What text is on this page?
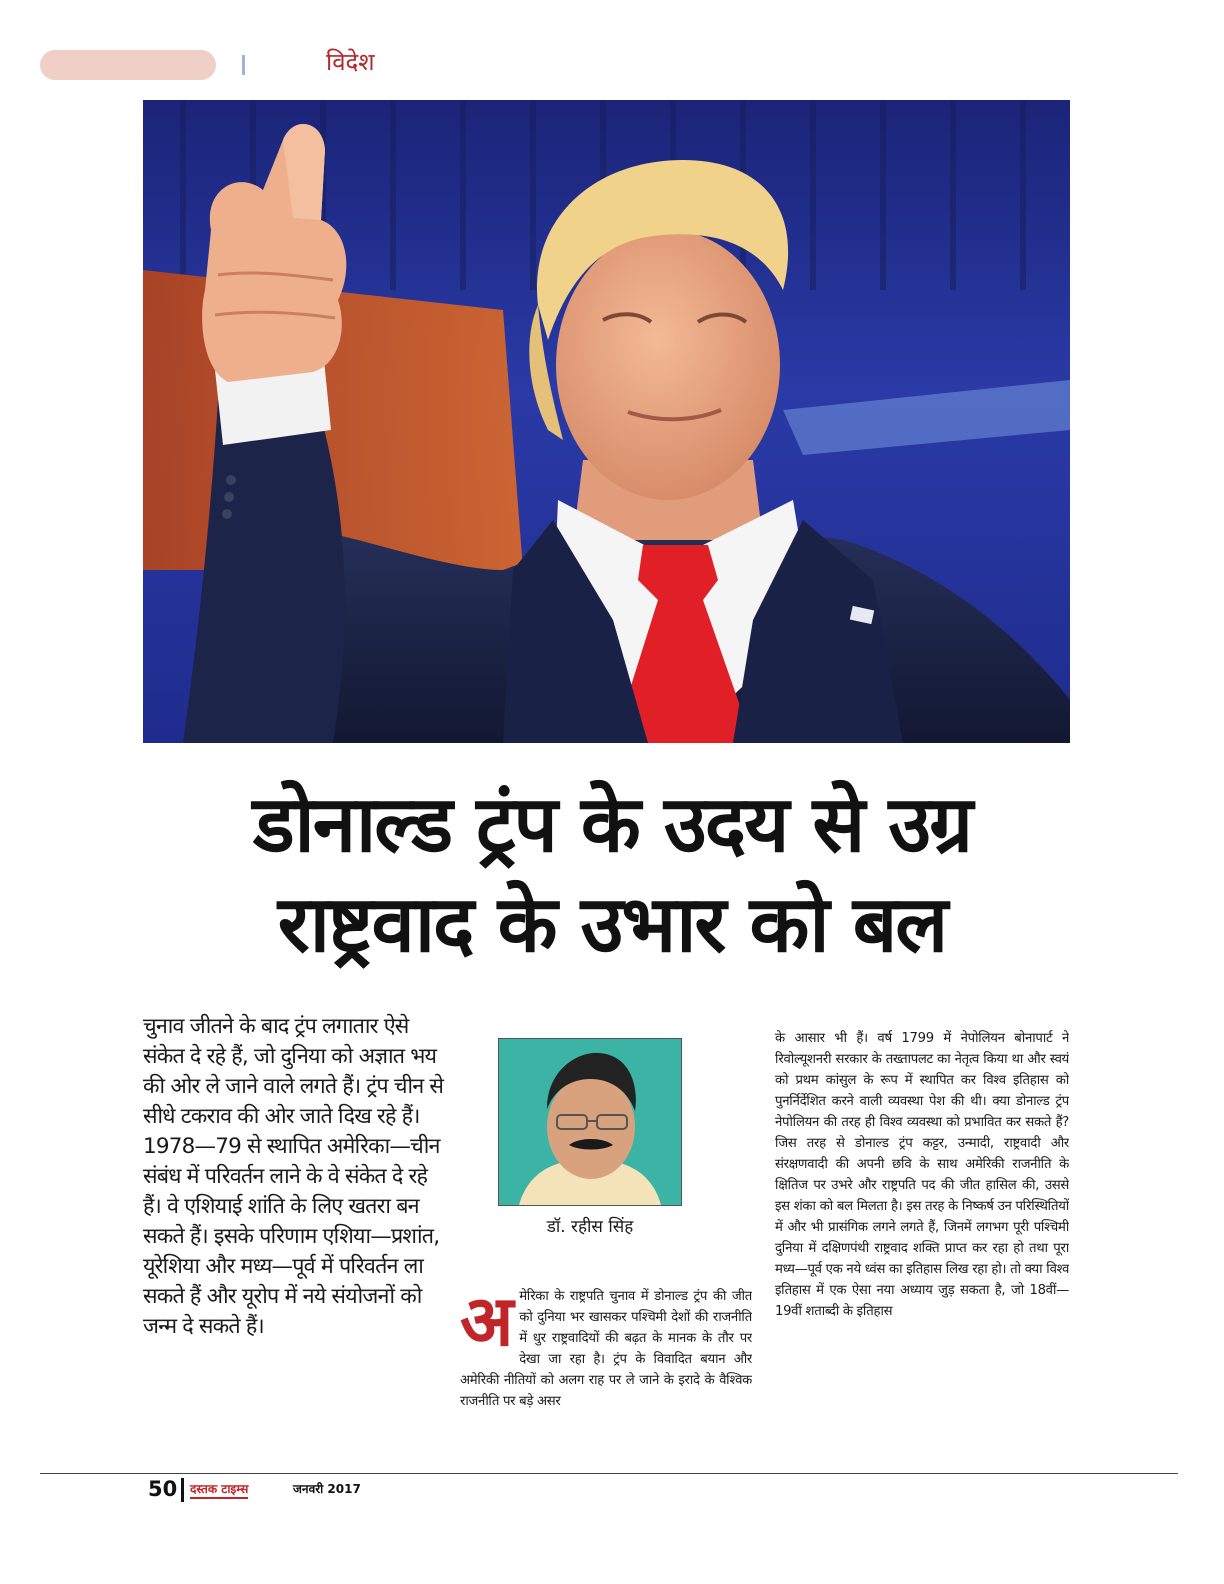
विदेश
डोनाल्ड ट्रंप के उदय से उग्र
राष्ट्रवाद के उभार को बल
चुनाव जीतने के बाद ट्रंप लगातार ऐसे संकेत दे रहे हैं, जो दुनिया को अज्ञात भय की ओर ले जाने वाले लगते हैं। ट्रंप चीन से सीधे टकराव की ओर जाते दिख रहे हैं। 1978—79 से स्थापित अमेरिका—चीन संबंध में परिवर्तन लाने के वे संकेत दे रहे हैं। वे एशियाई शांति के लिए खतरा बन सकते हैं। इसके परिणाम एशिया—प्रशांत, यूरेशिया और मध्य—पूर्व में परिवर्तन ला सकते हैं और यूरोप में नये संयोजनों को जन्म दे सकते हैं।
डॉ. रहीस सिंह
अ मेरिका के राष्ट्रपति चुनाव में डोनाल्ड ट्रंप की जीत को दुनिया भर खासकर पश्चिमी देशों की राजनीति में धुर राष्ट्रवादियों की बढ़त के मानक के तौर पर देखा जा रहा है। ट्रंप के विवादित बयान और अमेरिकी नीतियों को अलग राह पर ले जाने के इरादे के वैश्विक राजनीति पर बड़े असर
के आसार भी हैं। वर्ष 1799 में नेपोलियन बोनापार्ट ने रिवोल्यूशनरी सरकार के तख्तापलट का नेतृत्व किया था और स्वयं को प्रथम कांसुल के रूप में स्थापित कर विश्व इतिहास को पुनर्निर्देशित करने वाली व्यवस्था पेश की थी। क्या डोनाल्ड ट्रंप नेपोलियन की तरह ही विश्व व्यवस्था को प्रभावित कर सकते हैं? जिस तरह से डोनाल्ड ट्रंप कट्टर, उन्मादी, राष्ट्रवादी और संरक्षणवादी की अपनी छवि के साथ अमेरिकी राजनीति के क्षितिज पर उभरे और राष्ट्रपति पद की जीत हासिल की, उससे इस शंका को बल मिलता है। इस तरह के निष्कर्ष उन परिस्थितियों में और भी प्रासंगिक लगने लगते हैं, जिनमें लगभग पूरी पश्चिमी दुनिया में दक्षिणपंथी राष्ट्रवाद शक्ति प्राप्त कर रहा हो तथा पूरा मध्य—पूर्व एक नये ध्वंस का इतिहास लिख रहा हो। तो क्या विश्व इतिहास में एक ऐसा नया अध्याय जुड़ सकता है, जो 18वीं—19वीं शताब्दी के इतिहास
50 दस्तक टाइम्स	जनवरी 2017
